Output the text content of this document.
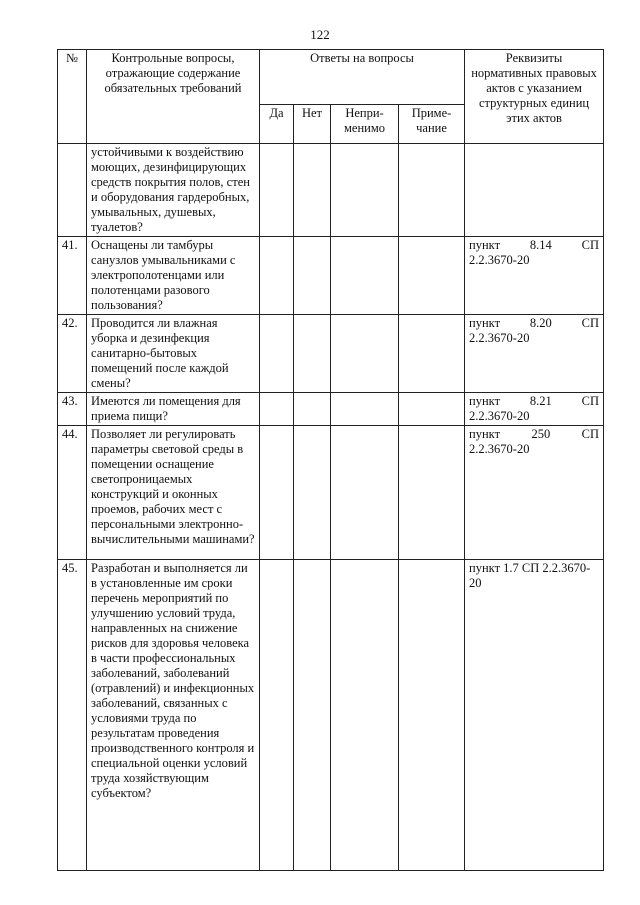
122
№	Контрольные вопросы, отражающие содержание обязательных требований	Ответы на вопросы				Реквизиты нормативных правовых актов с указанием структурных единиц этих актов
		Да	Нет	Непри-менимо	Приме-чание	
	устойчивыми к воздействию моющих, дезинфицирующих средств покрытия полов, стен и оборудования гардеробных, умывальных, душевых, туалетов?					

41.	Оснащены ли тамбуры санузлов умывальниками с электрополотенцами или полотенцами разового пользования?					пункт 8.14 СП
2.2.3670-20
42.	Проводится ли влажная уборка и дезинфекция санитарно-бытовых помещений после каждой смены?					пункт 8.20 СП
2.2.3670-20
43.	Имеются ли помещения для приема пищи?					пункт 8.21 СП
2.2.3670-20
44.	Позволяет ли регулировать параметры световой среды в помещении оснащение светопроницаемых конструкций и оконных проемов, рабочих мест с персональными электронно-вычислительными машинами?					пункт 250 СП
2.2.3670-20
45.	Разработан и выполняется ли в установленные им сроки перечень мероприятий по улучшению условий труда, направленных на снижение рисков для здоровья человека в части профессиональных заболеваний, заболеваний (отравлений) и инфекционных заболеваний, связанных с условиями труда по результатам проведения производственного контроля и специальной оценки условий труда хозяйствующим субъектом?					пункт 1.7 СП 2.2.3670-20
